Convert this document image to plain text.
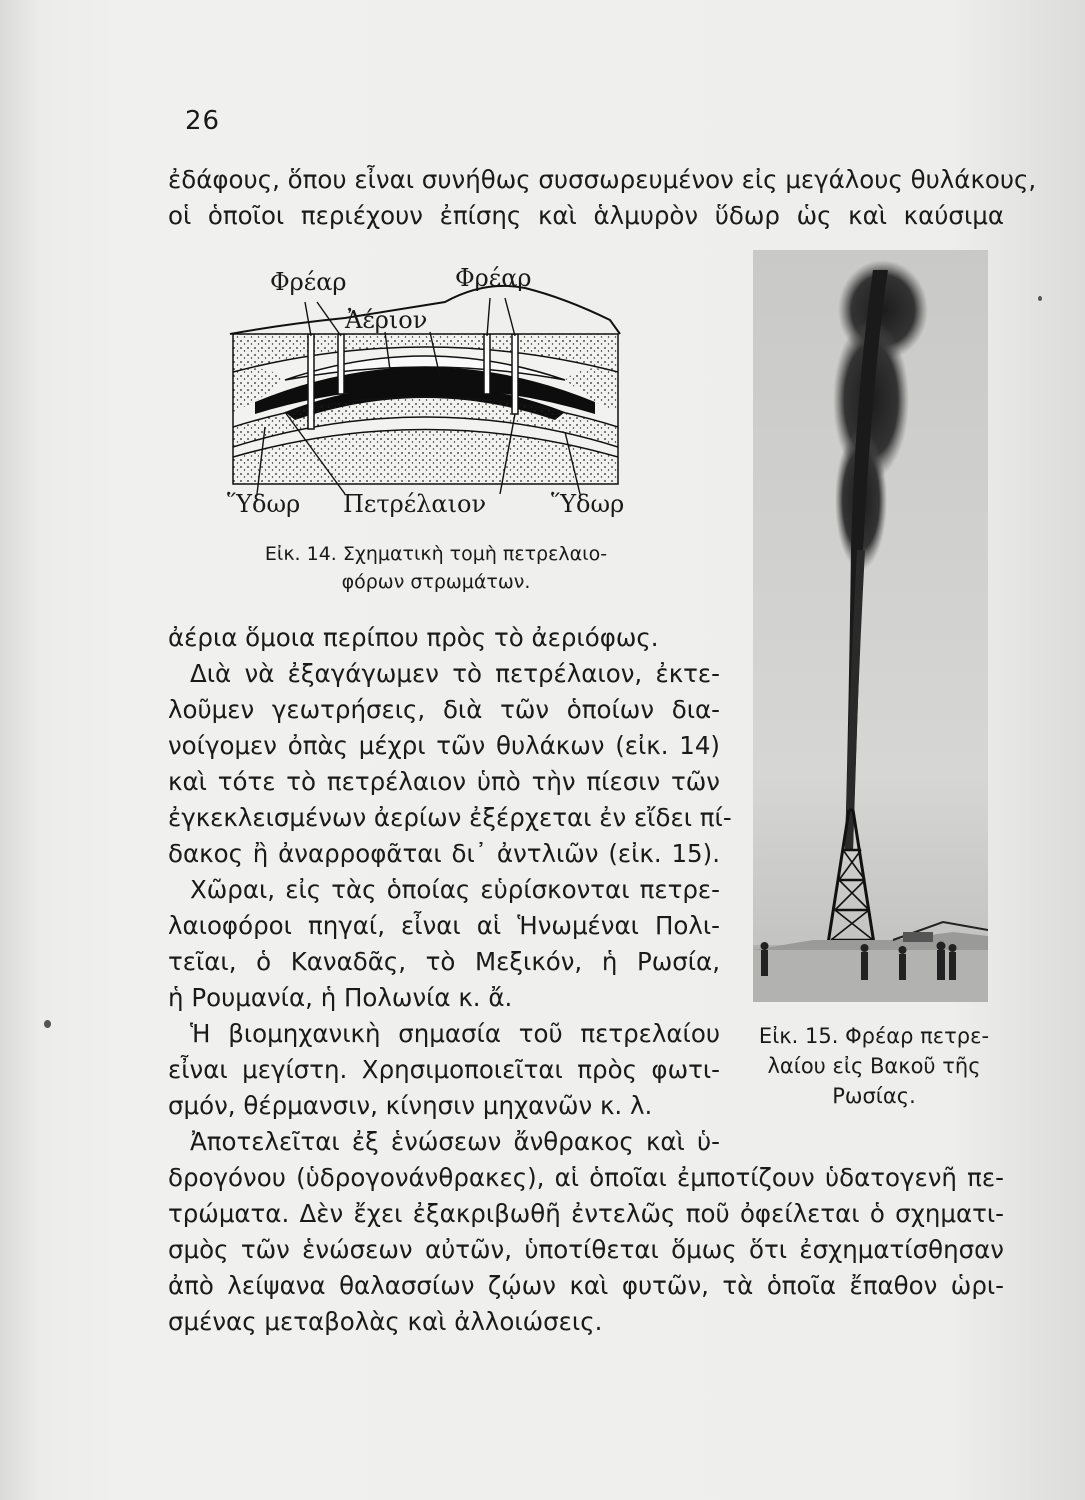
26
ἐδάφους, ὅπου εἶναι συνήθως συσσωρευμένον εἰς μεγάλους θυλάκους,
οἱ ὁποῖοι περιέχουν ἐπίσης καὶ ἁλμυρὸν ὕδωρ ὡς καὶ καύσιμα
Φρέαρ	Φρέαρ
Ἀέριον
Ὕδωρ Πετρέλαιον	Ὕδωρ
Εἰκ. 14. Σχηματικὴ τομὴ πετρελαιο-
φόρων στρωμάτων.
ἀέρια ὅμοια περίπου πρὸς τὸ ἀεριόφως.
Διὰ νὰ ἐξαγάγωμεν τὸ πετρέλαιον, ἐκτε-
λοῦμεν γεωτρήσεις, διὰ τῶν ὁποίων δια-
νοίγομεν ὀπὰς μέχρι τῶν θυλάκων (εἰκ. 14)
καὶ τότε τὸ πετρέλαιον ὑπὸ τὴν πίεσιν τῶν
ἐγκεκλεισμένων ἀερίων ἐξέρχεται ἐν εἴδει πί-
δακος ἢ ἀναρροφᾶται δι᾿ ἀντλιῶν (εἰκ. 15).
Χῶραι, εἰς τὰς ὁποίας εὑρίσκονται πετρε-
λαιοφόροι πηγαί, εἶναι αἱ Ἡνωμέναι Πολι-
τεῖαι, ὁ Καναδᾶς, τὸ Μεξικόν, ἡ Ρωσία,
ἡ Ρουμανία, ἡ Πολωνία κ. ἄ.
Ἡ βιομηχανικὴ σημασία τοῦ πετρελαίου
εἶναι μεγίστη. Χρησιμοποιεῖται πρὸς φωτι-
σμόν, θέρμανσιν, κίνησιν μηχανῶν κ. λ.
Ἀποτελεῖται ἐξ ἑνώσεων ἄνθρακος καὶ ὑ-
δρογόνου (ὑδρογονάνθρακες), αἱ ὁποῖαι ἐμποτίζουν ὑδατογενῆ πε-
τρώματα. Δὲν ἔχει ἐξακριβωθῆ ἐντελῶς ποῦ ὀφείλεται ὁ σχηματι-
σμὸς τῶν ἑνώσεων αὐτῶν, ὑποτίθεται ὅμως ὅτι ἐσχηματίσθησαν
ἀπὸ λείψανα θαλασσίων ζῴων καὶ φυτῶν, τὰ ὁποῖα ἔπαθον ὡρι-
σμένας μεταβολὰς καὶ ἀλλοιώσεις.
Εἰκ. 15. Φρέαρ πετρε-
λαίου εἰς Βακοῦ τῆς
Ρωσίας.
